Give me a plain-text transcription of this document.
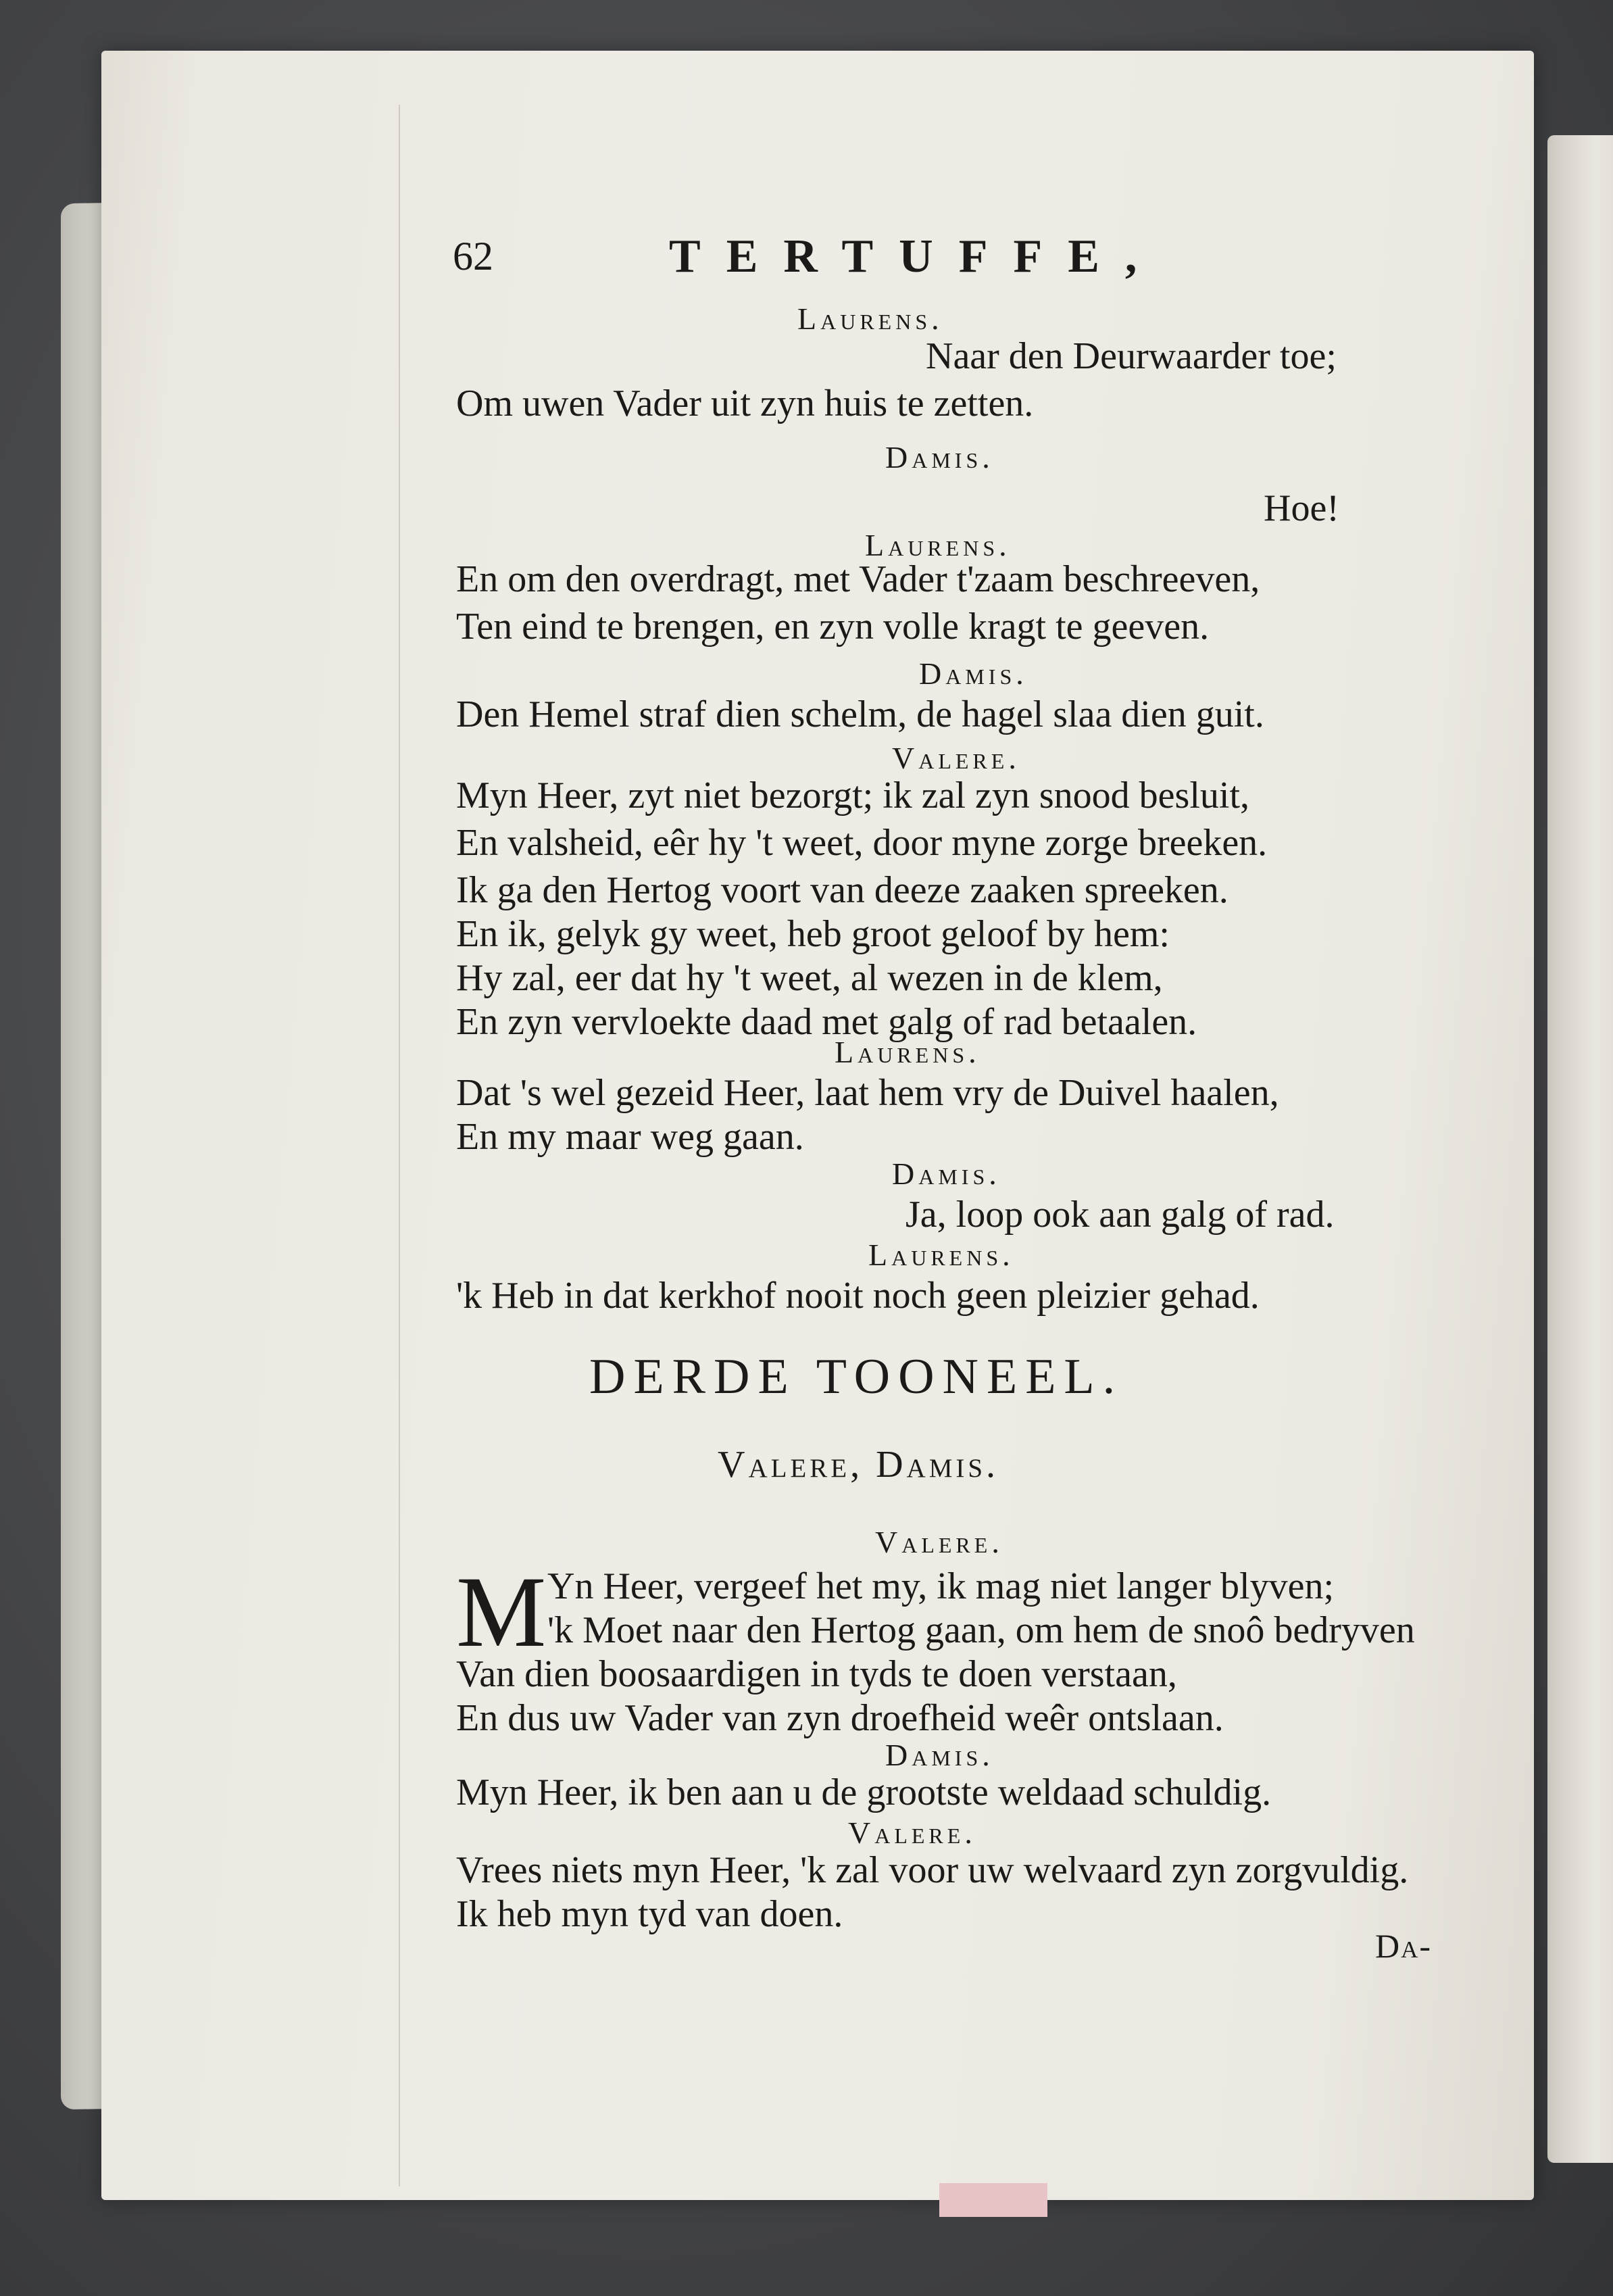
62	TERTUFFE,
Laurens.
Naar den Deurwaarder toe;
Om uwen Vader uit zyn huis te zetten.
Damis.
Hoe!
Laurens.
En om den overdragt, met Vader t'zaam beschreeven,
Ten eind te brengen, en zyn volle kragt te geeven.
Damis.
Den Hemel straf dien schelm, de hagel slaa dien guit.
Valere.
Myn Heer, zyt niet bezorgt; ik zal zyn snood besluit,
En valsheid, eêr hy 't weet, door myne zorge breeken.
Ik ga den Hertog voort van deeze zaaken spreeken.
En ik, gelyk gy weet, heb groot geloof by hem:
Hy zal, eer dat hy 't weet, al wezen in de klem,
En zyn vervloekte daad met galg of rad betaalen.
Laurens.
Dat 's wel gezeid Heer, laat hem vry de Duivel haalen,
En my maar weg gaan.
Damis.
Ja, loop ook aan galg of rad.
Laurens.
'k Heb in dat kerkhof nooit noch geen pleizier gehad.
DERDE TOONEEL.
Valere, Damis.
Valere.
M Yn Heer, vergeef het my, ik mag niet langer blyven;
'k Moet naar den Hertog gaan, om hem de snoô bedryven
Van dien boosaardigen in tyds te doen verstaan,
En dus uw Vader van zyn droefheid weêr ontslaan.
Damis.
Myn Heer, ik ben aan u de grootste weldaad schuldig.
Valere.
Vrees niets myn Heer, 'k zal voor uw welvaard zyn zorgvuldig.
Ik heb myn tyd van doen.
Da-
